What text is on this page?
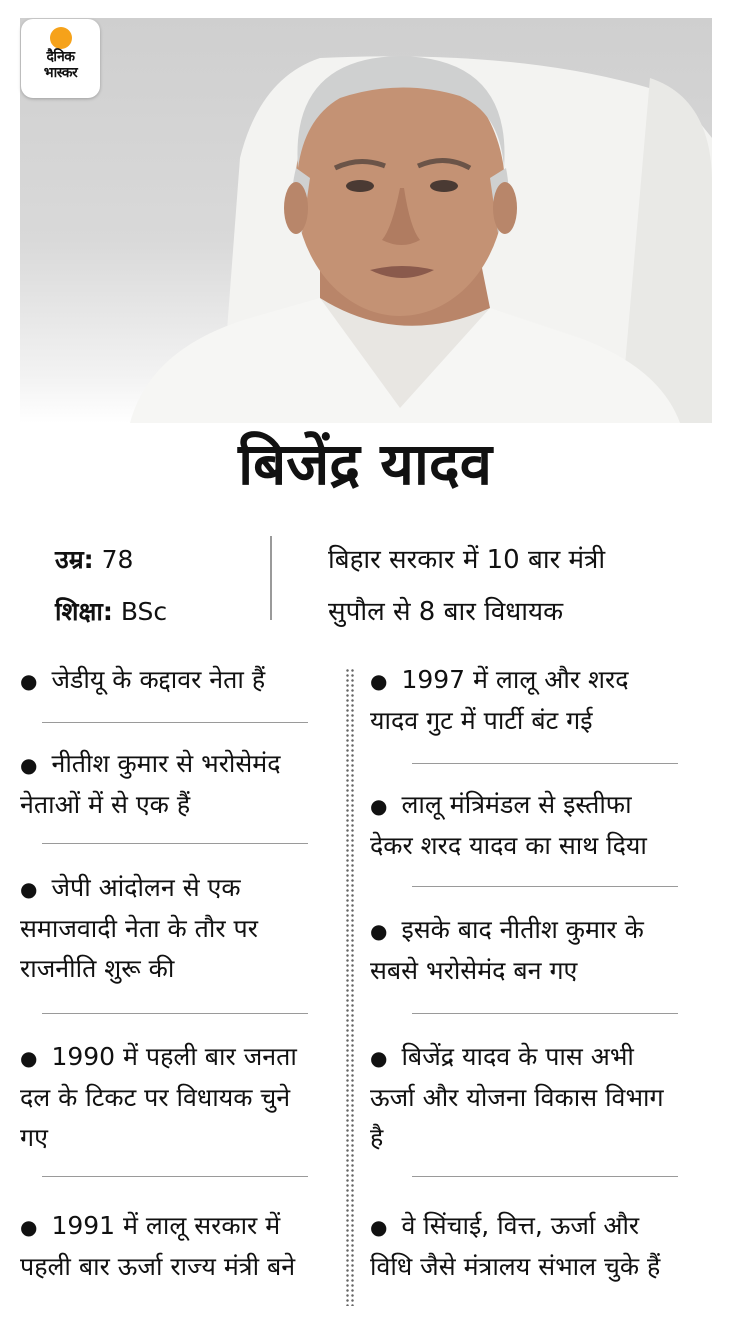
दैनिक
भास्कर
बिजेंद्र यादव
उम्र: 78
शिक्षा: BSc
बिहार सरकार में 10 बार मंत्री
सुपौल से 8 बार विधायक
● जेडीयू के कद्दावर नेता हैं
● नीतीश कुमार से भरोसेमंद
नेताओं में से एक हैं
● जेपी आंदोलन से एक
समाजवादी नेता के तौर पर
राजनीति शुरू की
● 1990 में पहली बार जनता
दल के टिकट पर विधायक चुने
गए
● 1991 में लालू सरकार में
पहली बार ऊर्जा राज्य मंत्री बने
● 1997 में लालू और शरद
यादव गुट में पार्टी बंट गई
● लालू मंत्रिमंडल से इस्तीफा
देकर शरद यादव का साथ दिया
● इसके बाद नीतीश कुमार के
सबसे भरोसेमंद बन गए
● बिजेंद्र यादव के पास अभी
ऊर्जा और योजना विकास विभाग
है
● वे सिंचाई, वित्त, ऊर्जा और
विधि जैसे मंत्रालय संभाल चुके हैं
